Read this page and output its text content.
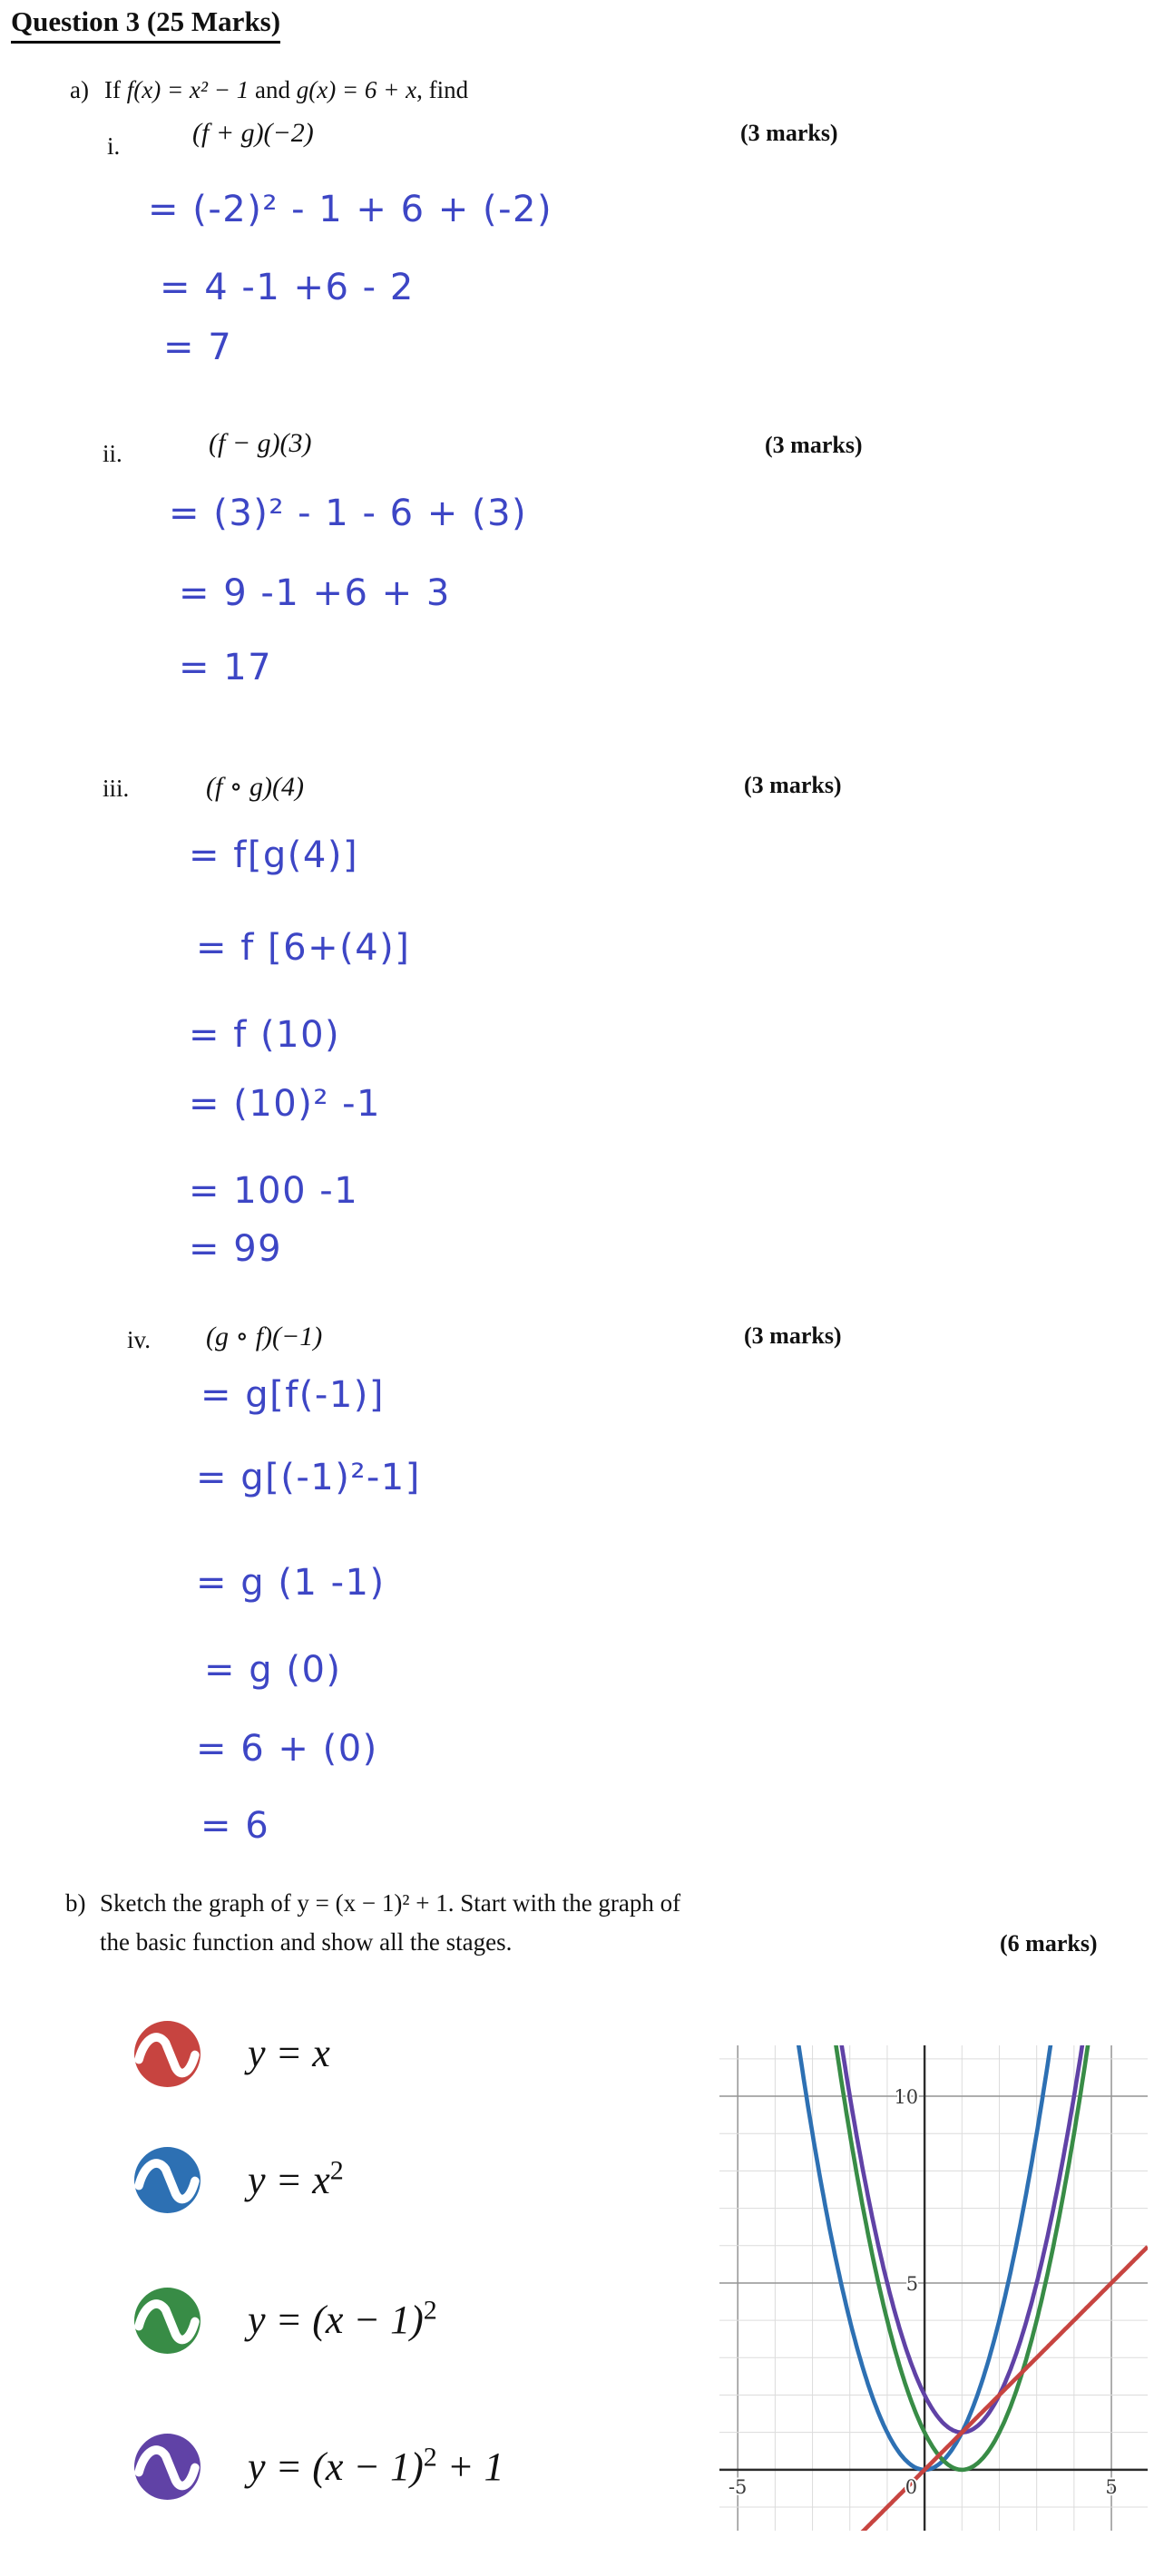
Question 3 (25 Marks)
a) If f(x) = x² − 1 and g(x) = 6 + x, find
i.	(f + g)(−2)	(3 marks)
= (-2)² - 1 + 6 + (-2)
= 4 -1 +6 - 2
= 7
ii.	(f − g)(3)	(3 marks)
= (3)² - 1 - 6 + (3)
= 9 -1 +6 + 3
= 17
iii.	(f ∘ g)(4)	(3 marks)
= f[g(4)]
= f [6+(4)]
= f (10)
= (10)² -1
= 100 -1
= 99
iv. (g ∘ f)(−1)	(3 marks)
= g[f(-1)]
= g[(-1)²-1]
= g (1 -1)
= g (0)
= 6 + (0)
= 6
b) Sketch the graph of y = (x − 1)² + 1. Start with the graph of
the basic function and show all the stages.	(6 marks)
y = x
$y = x^2$
$y = (x - 1)^2$
$y = (x - 1)^2 + 1$
5
10
-5	5
0
